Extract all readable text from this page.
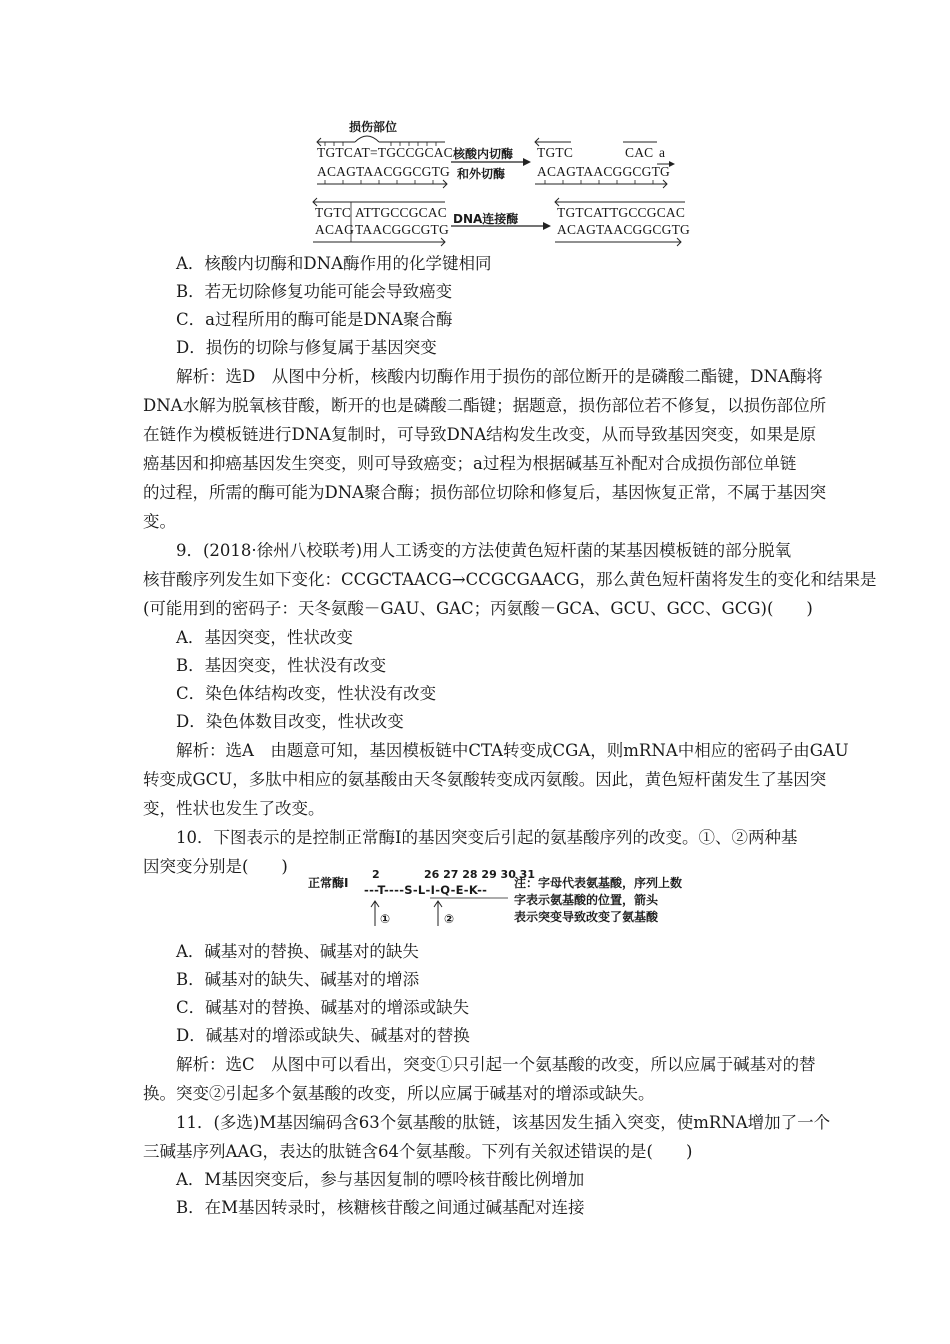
损伤部位
TGTCAT=TGCCGCAC
ACAGTAACGGCGTG
核酸内切酶
和外切酶
TGTC	CAC a
ACAGTAACGGCGTG
TGTC ATTGCCGCAC
ACAG TAACGGCGTG
DNA连接酶	TGTCATTGCCGCAC
ACAGTAACGGCGTG
A．核酸内切酶和DNA酶作用的化学键相同
B．若无切除修复功能可能会导致癌变
C．a过程所用的酶可能是DNA聚合酶
D．损伤的切除与修复属于基因突变
解析：选D　从图中分析，核酸内切酶作用于损伤的部位断开的是磷酸二酯键，DNA酶将
DNA水解为脱氧核苷酸，断开的也是磷酸二酯键；据题意，损伤部位若不修复，以损伤部位所
在链作为模板链进行DNA复制时，可导致DNA结构发生改变，从而导致基因突变，如果是原
癌基因和抑癌基因发生突变，则可导致癌变；a过程为根据碱基互补配对合成损伤部位单链
的过程，所需的酶可能为DNA聚合酶；损伤部位切除和修复后，基因恢复正常，不属于基因突
变。
9．(2018·徐州八校联考)用人工诱变的方法使黄色短杆菌的某基因模板链的部分脱氧
核苷酸序列发生如下变化：CCGCTAACG→CCGCGAACG，那么黄色短杆菌将发生的变化和结果是
(可能用到的密码子：天冬氨酸－GAU、GAC；丙氨酸－GCA、GCU、GCC、GCG)(　　)
A．基因突变，性状改变
B．基因突变，性状没有改变
C．染色体结构改变，性状没有改变
D．染色体数目改变，性状改变
解析：选A　由题意可知，基因模板链中CTA转变成CGA，则mRNA中相应的密码子由GAU
转变成GCU，多肽中相应的氨基酸由天冬氨酸转变成丙氨酸。因此，黄色短杆菌发生了基因突
变，性状也发生了改变。
10．下图表示的是控制正常酶Ⅰ的基因突变后引起的氨基酸序列的改变。①、②两种基
因突变分别是(　　)
正常酶Ⅰ
2	26 27 28 29 30 31
---T----S-L-I-Q-E-K--
①	②
注：字母代表氨基酸，序列上数
字表示氨基酸的位置，箭头
表示突变导致改变了氨基酸
A．碱基对的替换、碱基对的缺失
B．碱基对的缺失、碱基对的增添
C．碱基对的替换、碱基对的增添或缺失
D．碱基对的增添或缺失、碱基对的替换
解析：选C　从图中可以看出，突变①只引起一个氨基酸的改变，所以应属于碱基对的替
换。突变②引起多个氨基酸的改变，所以应属于碱基对的增添或缺失。
11．(多选)M基因编码含63个氨基酸的肽链，该基因发生插入突变，使mRNA增加了一个
三碱基序列AAG，表达的肽链含64个氨基酸。下列有关叙述错误的是(　　)
A．M基因突变后，参与基因复制的嘌呤核苷酸比例增加
B．在M基因转录时，核糖核苷酸之间通过碱基配对连接
